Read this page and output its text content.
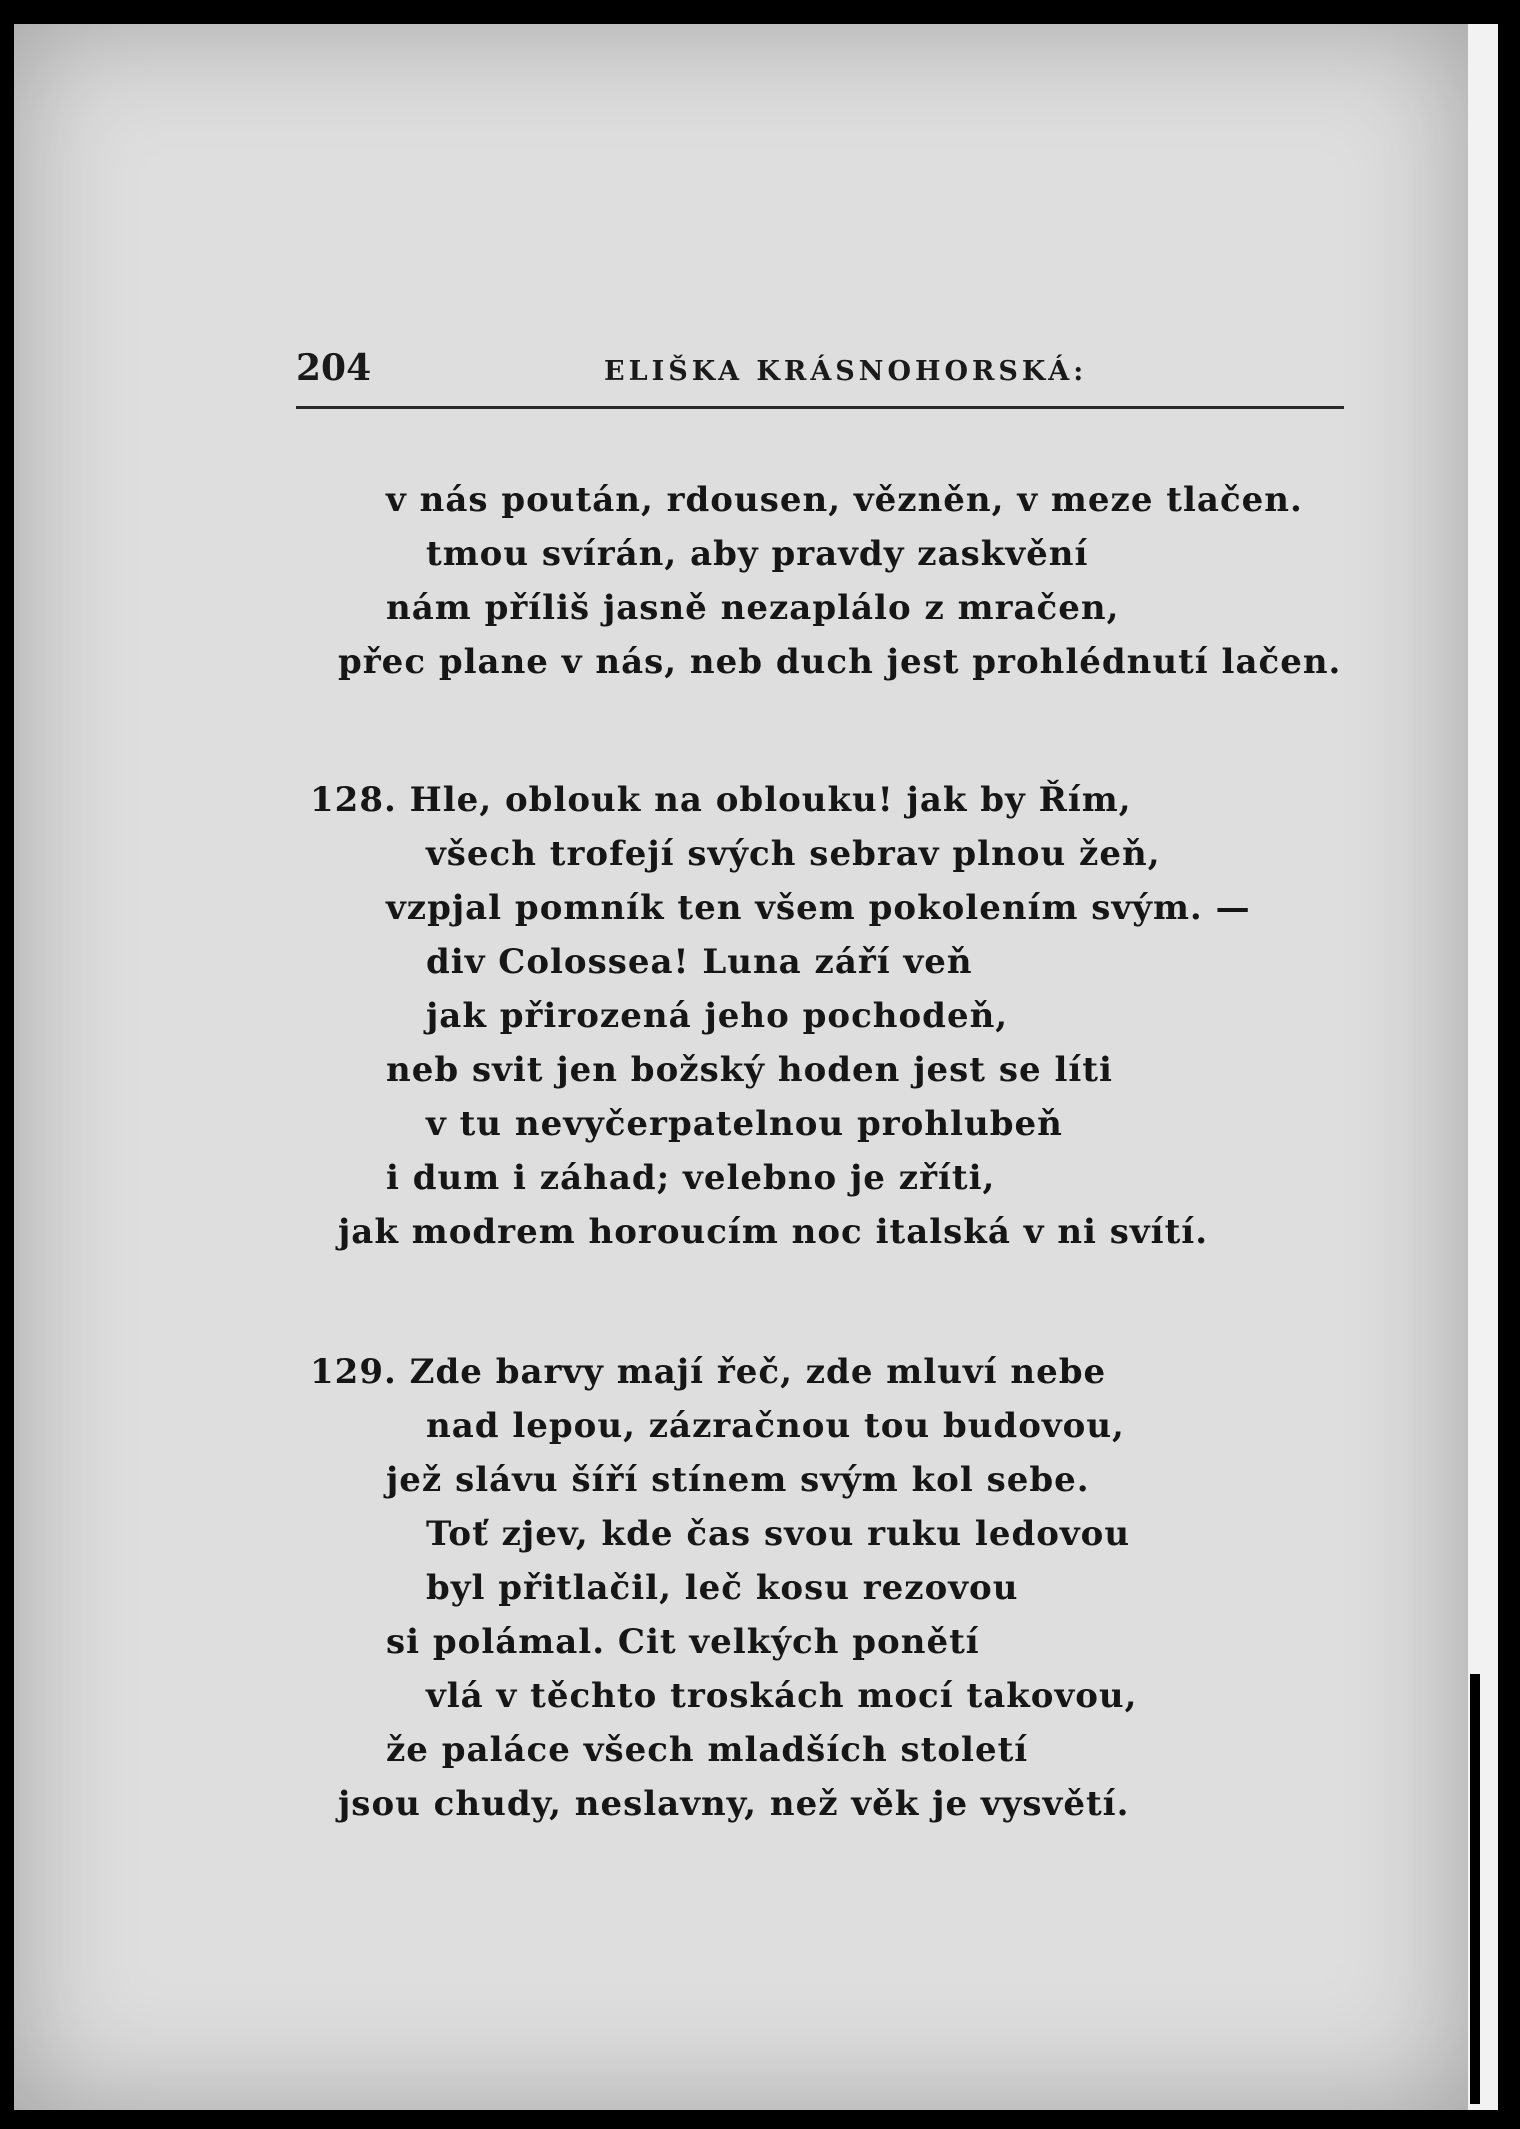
204	ELIŠKA KRÁSNOHORSKÁ:
v nás poután, rdousen, vězněn, v meze tlačen.
tmou svírán, aby pravdy zaskvění
nám příliš jasně nezaplálo z mračen,
přec plane v nás, neb duch jest prohlédnutí lačen.
128. Hle, oblouk na oblouku! jak by Řím,
všech trofejí svých sebrav plnou žeň,
vzpjal pomník ten všem pokolením svým. —
div Colossea! Luna září veň
jak přirozená jeho pochodeň,
neb svit jen božský hoden jest se líti
v tu nevyčerpatelnou prohlubeň
i dum i záhad; velebno je zříti,
jak modrem horoucím noc italská v ni svítí.
129. Zde barvy mají řeč, zde mluví nebe
nad lepou, zázračnou tou budovou,
jež slávu šíří stínem svým kol sebe.
Toť zjev, kde čas svou ruku ledovou
byl přitlačil, leč kosu rezovou
si polámal. Cit velkých ponětí
vlá v těchto troskách mocí takovou,
že paláce všech mladších století
jsou chudy, neslavny, než věk je vysvětí.
